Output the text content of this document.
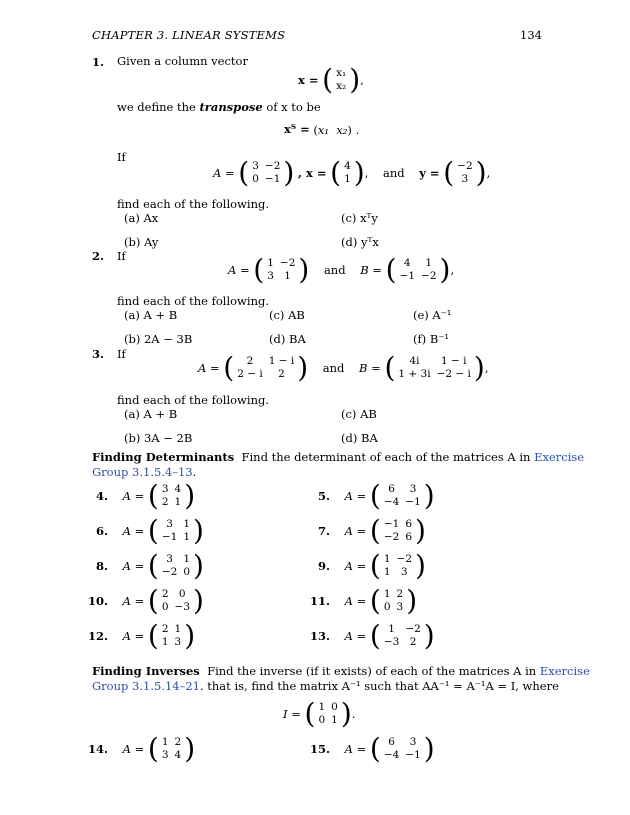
CHAPTER 3. LINEAR SYSTEMS	134
1. Given a column vector
x = ( x₁
x₂ ) ,
we define the transpose of x to be
xᵀ = (x₁ x₂) .
If
A = ( 3	−2
0	−1 ) , x = ( 4
1 ) ,    and y = ( −2
3 ) ,
find each of the following.
(a) Ax	(c) xᵀy
(b) Ay	(d) yᵀx
2. If
A = ( 1	−2
3	1 ) and B = ( 4	1
−1	−2 ) ,
find each of the following.
(a) A + B	(c) AB	(e) A⁻¹
(b) 2A − 3B	(d) BA	(f) B⁻¹
3. If
A = ( 2	1 − i
2 − i	2 ) and B = ( 4i	1 − i
1 + 3i	−2 − i ) ,
find each of the following.
(a) A + B	(c) AB
(b) 3A − 2B	(d) BA
Finding Determinants Find the determinant of each of the matrices A in Exercise
Group 3.1.5.4–13.
4. A = ( 3	4
2	1 )	5. A = ( 6	3
−4	−1 )
6. A = ( 3	1
−1	1 )	7. A = ( −1	6
−2	6 )
8. A = ( 3	1
−2	0 )	9. A = ( 1	−2
1	3 )
10. A = ( 2	0
0	−3 )	11. A = ( 1	2
0	3 )
12. A = ( 2	1
1	3 )	13. A = ( 1	−2
−3	2 )
Finding Inverses Find the inverse (if it exists) of each of the matrices A in Exercise
Group 3.1.5.14–21. that is, find the matrix A⁻¹ such that AA⁻¹ = A⁻¹A = I, where
I = ( 1	0
0	1 ) .
14. A = ( 1	2
3	4 )	15. A = ( 6	3
−4	−1 )
